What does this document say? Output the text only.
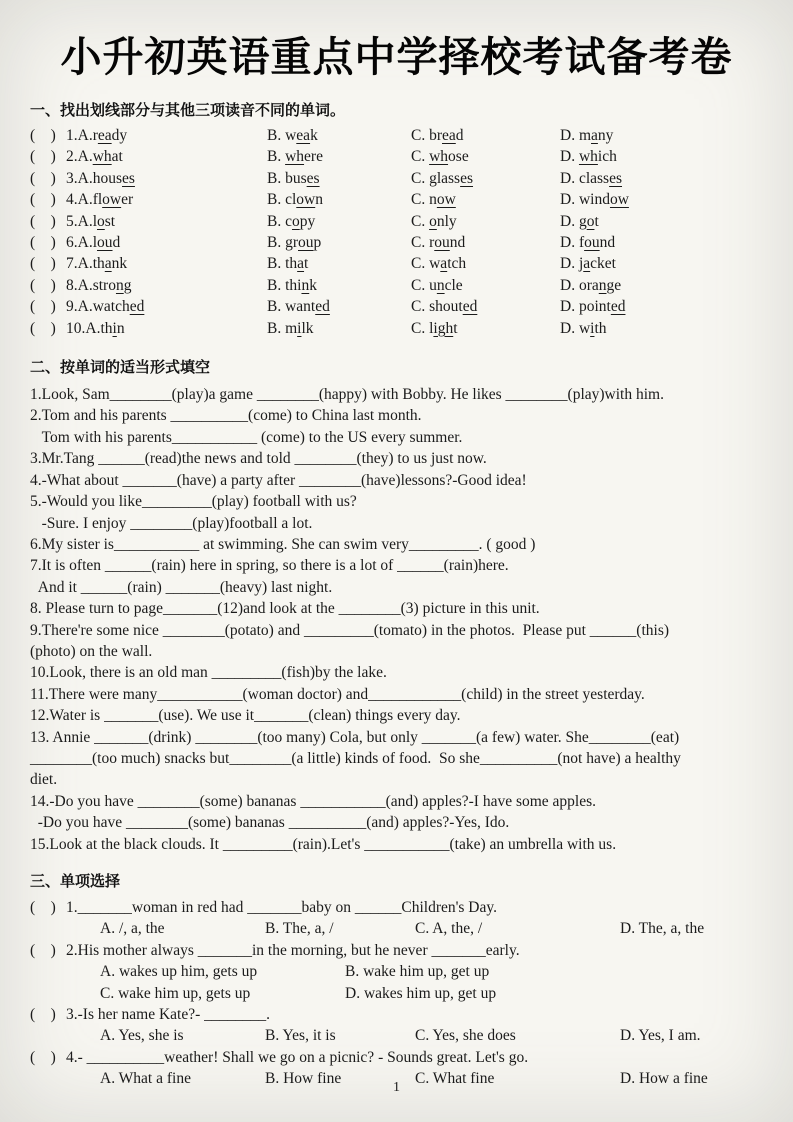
小升初英语重点中学择校考试备考卷
一、找出划线部分与其他三项读音不同的单词。
(    ) 1.A.ready	B. weak	C. bread	D. many
(    ) 2.A.what	B. where	C. whose	D. which
(    ) 3.A.houses	B. buses	C. glasses	D. classes
(    ) 4.A.flower	B. clown	C. now	D. window
(    ) 5.A.lost	B. copy	C. only	D. got
(    ) 6.A.loud	B. group	C. round	D. found
(    ) 7.A.thank	B. that	C. watch	D. jacket
(    ) 8.A.strong	B. think	C. uncle	D. orange
(    ) 9.A.watched	B. wanted	C. shouted	D. pointed
(    ) 10.A.thin	B. milk	C. light	D. with
二、按单词的适当形式填空
1.Look, Sam________(play)a game ________(happy) with Bobby. He likes ________(play)with him.
2.Tom and his parents __________(come) to China last month.
Tom with his parents___________ (come) to the US every summer.
3.Mr.Tang ______(read)the news and told ________(they) to us just now.
4.-What about _______(have) a party after ________(have)lessons?-Good idea!
5.-Would you like_________(play) football with us?
-Sure. I enjoy ________(play)football a lot.
6.My sister is___________ at swimming. She can swim very_________. ( good )
7.It is often ______(rain) here in spring, so there is a lot of ______(rain)here.
And it ______(rain) _______(heavy) last night.
8. Please turn to page_______(12)and look at the ________(3) picture in this unit.
9.There're some nice ________(potato) and _________(tomato) in the photos.  Please put ______(this)
(photo) on the wall.
10.Look, there is an old man _________(fish)by the lake.
11.There were many___________(woman doctor) and____________(child) in the street yesterday.
12.Water is _______(use). We use it_______(clean) things every day.
13. Annie _______(drink) ________(too many) Cola, but only _______(a few) water. She________(eat)
________(too much) snacks but________(a little) kinds of food.  So she__________(not have) a healthy
diet.
14.-Do you have ________(some) bananas ___________(and) apples?-I have some apples.
-Do you have ________(some) bananas __________(and) apples?-Yes, Ido.
15.Look at the black clouds. It _________(rain).Let's ___________(take) an umbrella with us.
三、单项选择
(    ) 1._______woman in red had _______baby on ______Children's Day.
A. /, a, the	B. The, a, /	C. A, the, /	D. The, a, the
(    ) 2.His mother always _______in the morning, but he never _______early.
A. wakes up him, gets up	B. wake him up, get up
C. wake him up, gets up	D. wakes him up, get up
(    ) 3.-Is her name Kate?- ________.
A. Yes, she is	B. Yes, it is	C. Yes, she does	D. Yes, I am.
(    ) 4.- __________weather! Shall we go on a picnic? - Sounds great. Let's go.
A. What a fine	B. How fine	C. What fine	D. How a fine
1
